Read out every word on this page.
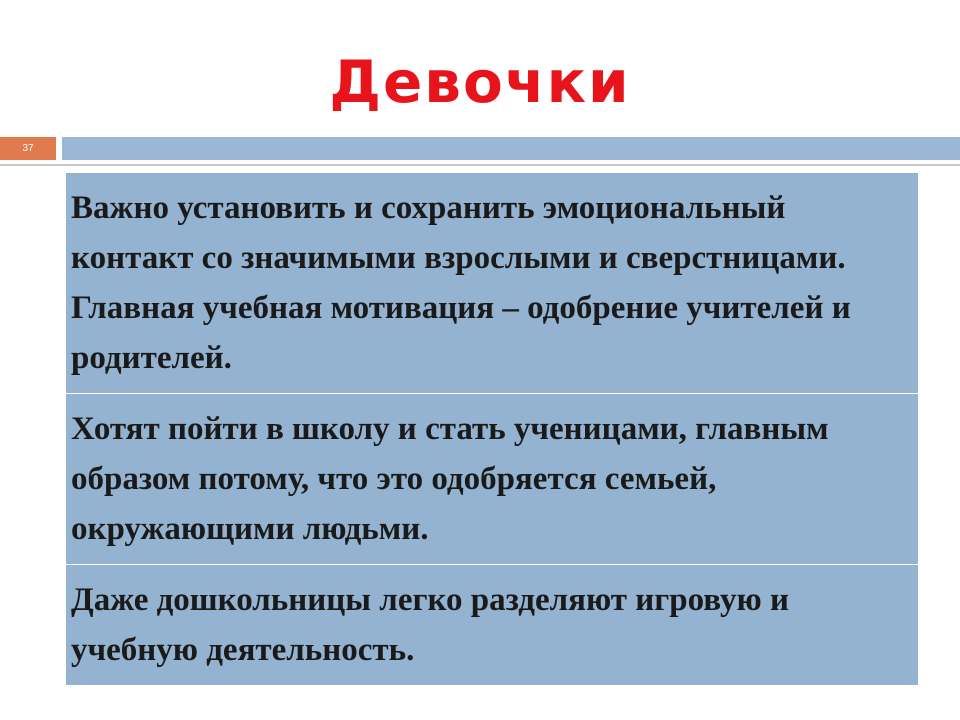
Девочки
37
Важно установить и сохранить эмоциональный контакт со значимыми взрослыми и сверстницами. Главная учебная мотивация – одобрение учителей и родителей.
Хотят пойти в школу и стать ученицами, главным образом потому, что это одобряется семьей, окружающими людьми.
Даже дошкольницы легко разделяют игровую и учебную деятельность.
